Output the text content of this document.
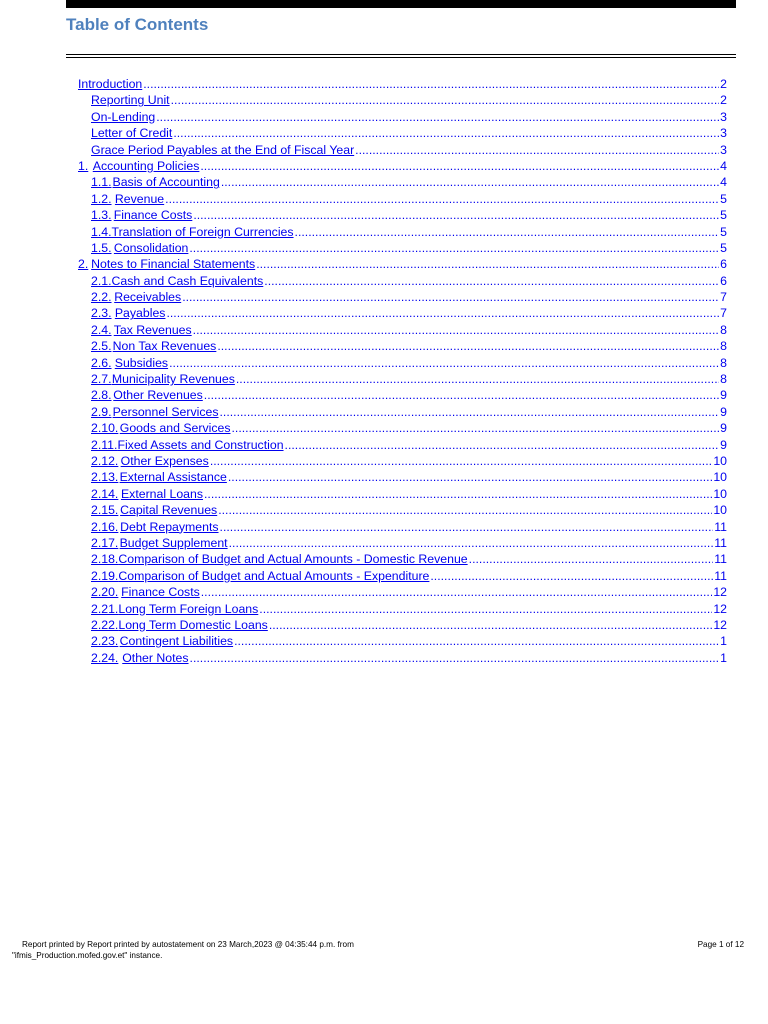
Table of Contents
Introduction .....	2
Reporting Unit .....	2
On-Lending .....	3
Letter of Credit .....	3
Grace Period Payables at the End of Fiscal Year .....	3
1. Accounting Policies .....	4
1.1. Basis of Accounting .....	4
1.2. Revenue .....	5
1.3. Finance Costs .....	5
1.4. Translation of Foreign Currencies .....	5
1.5. Consolidation .....	5
2. Notes to Financial Statements .....	6
2.1. Cash and Cash Equivalents .....	6
2.2. Receivables .....	7
2.3. Payables .....	7
2.4. Tax Revenues .....	8
2.5. Non Tax Revenues .....	8
2.6. Subsidies .....	8
2.7. Municipality Revenues .....	8
2.8. Other Revenues .....	9
2.9. Personnel Services .....	9
2.10. Goods and Services .....	9
2.11. Fixed Assets and Construction .....	9
2.12. Other Expenses .....	10
2.13. External Assistance .....	10
2.14. External Loans .....	10
2.15. Capital Revenues .....	10
2.16. Debt Repayments .....	11
2.17. Budget Supplement .....	11
2.18. Comparison of Budget and Actual Amounts - Domestic Revenue .....	11
2.19. Comparison of Budget and Actual Amounts - Expenditure .....	11
2.20. Finance Costs .....	12
2.21. Long Term Foreign Loans .....	12
2.22. Long Term Domestic Loans .....	12
2.23. Contingent Liabilities .....	1
2.24. Other Notes .....	1
Report printed by Report printed by autostatement on 23 March,2023 @ 04:35:44 p.m. from
"ifmis_Production.mofed.gov.et" instance.
Page 1 of 12
